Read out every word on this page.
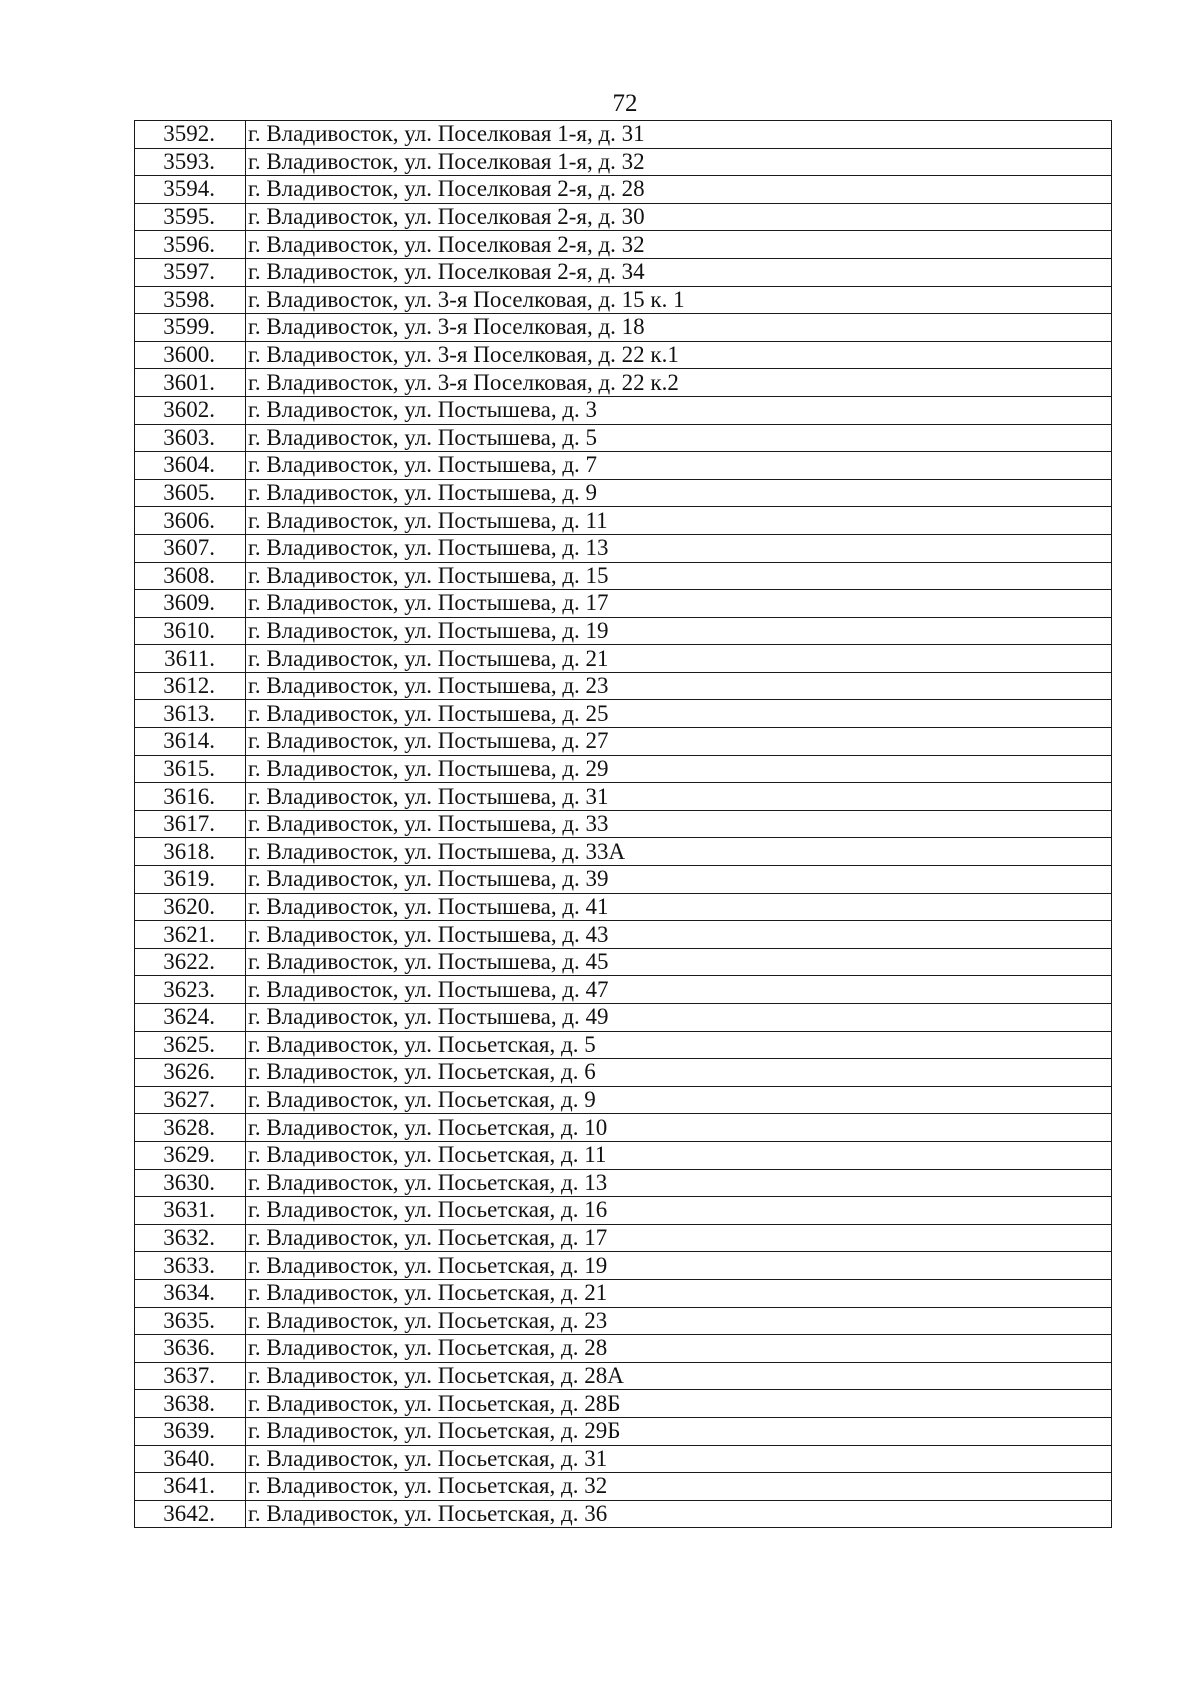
72
3592.	г. Владивосток, ул. Поселковая 1-я, д. 31
3593.	г. Владивосток, ул. Поселковая 1-я, д. 32
3594.	г. Владивосток, ул. Поселковая 2-я, д. 28
3595.	г. Владивосток, ул. Поселковая 2-я, д. 30
3596.	г. Владивосток, ул. Поселковая 2-я, д. 32
3597.	г. Владивосток, ул. Поселковая 2-я, д. 34
3598.	г. Владивосток, ул. 3-я Поселковая, д. 15 к. 1
3599.	г. Владивосток, ул. 3-я Поселковая, д. 18
3600.	г. Владивосток, ул. 3-я Поселковая, д. 22 к.1
3601.	г. Владивосток, ул. 3-я Поселковая, д. 22 к.2
3602.	г. Владивосток, ул. Постышева, д. 3
3603.	г. Владивосток, ул. Постышева, д. 5
3604.	г. Владивосток, ул. Постышева, д. 7
3605.	г. Владивосток, ул. Постышева, д. 9
3606.	г. Владивосток, ул. Постышева, д. 11
3607.	г. Владивосток, ул. Постышева, д. 13
3608.	г. Владивосток, ул. Постышева, д. 15
3609.	г. Владивосток, ул. Постышева, д. 17
3610.	г. Владивосток, ул. Постышева, д. 19
3611.	г. Владивосток, ул. Постышева, д. 21
3612.	г. Владивосток, ул. Постышева, д. 23
3613.	г. Владивосток, ул. Постышева, д. 25
3614.	г. Владивосток, ул. Постышева, д. 27
3615.	г. Владивосток, ул. Постышева, д. 29
3616.	г. Владивосток, ул. Постышева, д. 31
3617.	г. Владивосток, ул. Постышева, д. 33
3618.	г. Владивосток, ул. Постышева, д. 33А
3619.	г. Владивосток, ул. Постышева, д. 39
3620.	г. Владивосток, ул. Постышева, д. 41
3621.	г. Владивосток, ул. Постышева, д. 43
3622.	г. Владивосток, ул. Постышева, д. 45
3623.	г. Владивосток, ул. Постышева, д. 47
3624.	г. Владивосток, ул. Постышева, д. 49
3625.	г. Владивосток, ул. Посьетская, д. 5
3626.	г. Владивосток, ул. Посьетская, д. 6
3627.	г. Владивосток, ул. Посьетская, д. 9
3628.	г. Владивосток, ул. Посьетская, д. 10
3629.	г. Владивосток, ул. Посьетская, д. 11
3630.	г. Владивосток, ул. Посьетская, д. 13
3631.	г. Владивосток, ул. Посьетская, д. 16
3632.	г. Владивосток, ул. Посьетская, д. 17
3633.	г. Владивосток, ул. Посьетская, д. 19
3634.	г. Владивосток, ул. Посьетская, д. 21
3635.	г. Владивосток, ул. Посьетская, д. 23
3636.	г. Владивосток, ул. Посьетская, д. 28
3637.	г. Владивосток, ул. Посьетская, д. 28А
3638.	г. Владивосток, ул. Посьетская, д. 28Б
3639.	г. Владивосток, ул. Посьетская, д. 29Б
3640.	г. Владивосток, ул. Посьетская, д. 31
3641.	г. Владивосток, ул. Посьетская, д. 32
3642.	г. Владивосток, ул. Посьетская, д. 36
